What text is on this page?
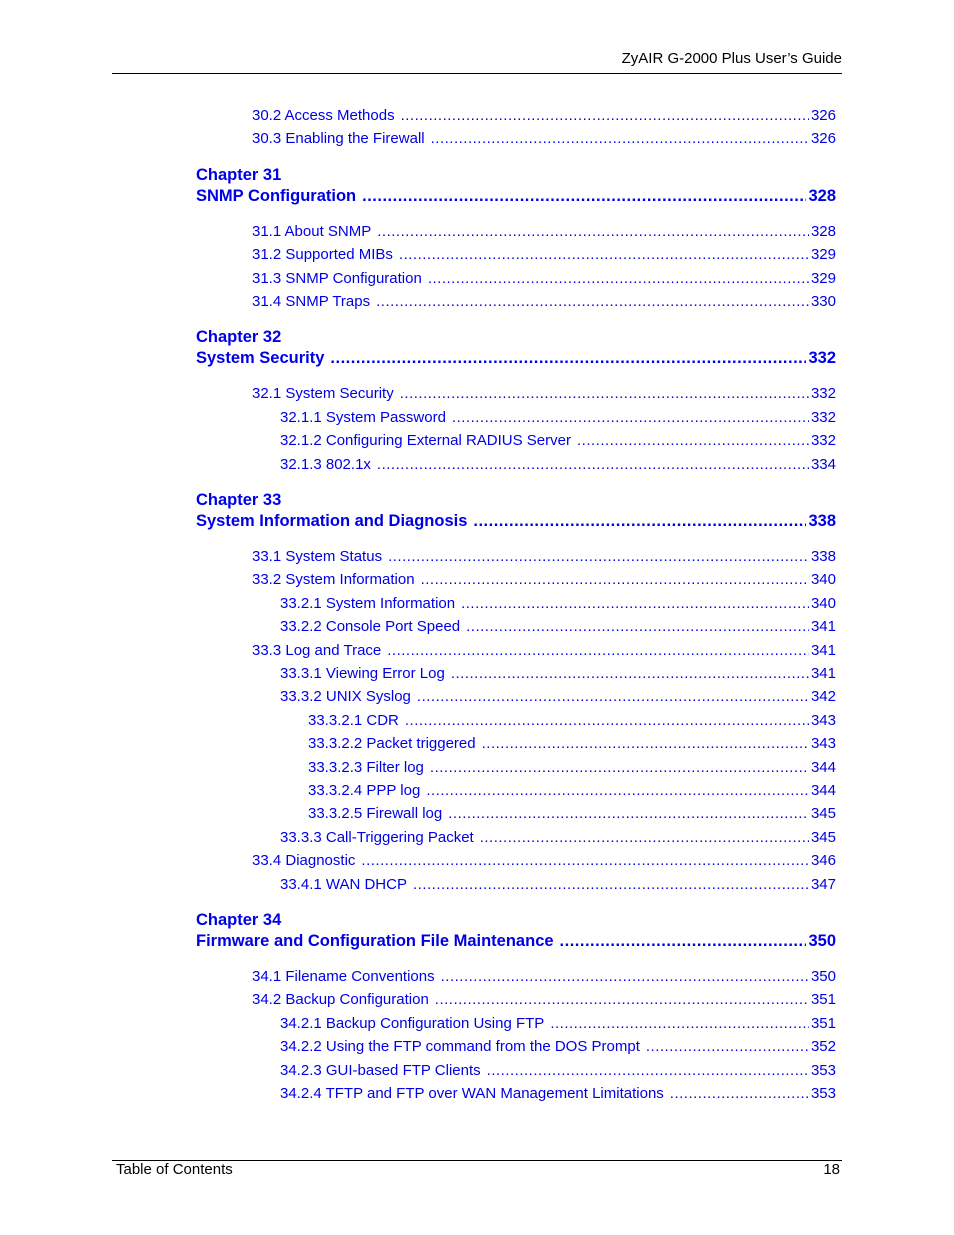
ZyAIR G-2000 Plus User’s Guide
30.2 Access Methods .....	326
30.3 Enabling the Firewall .....	326
Chapter 31
SNMP Configuration .....	328
31.1 About SNMP .....	328
31.2 Supported MIBs .....	329
31.3 SNMP Configuration .....	329
31.4 SNMP Traps .....	330
Chapter 32
System Security .....	332
32.1 System Security .....	332
32.1.1 System Password .....	332
32.1.2 Configuring External RADIUS Server .....	332
32.1.3 802.1x .....	334
Chapter 33
System Information and Diagnosis .....	338
33.1 System Status .....	338
33.2 System Information .....	340
33.2.1 System Information .....	340
33.2.2 Console Port Speed .....	341
33.3 Log and Trace .....	341
33.3.1 Viewing Error Log .....	341
33.3.2 UNIX Syslog .....	342
33.3.2.1 CDR .....	343
33.3.2.2 Packet triggered .....	343
33.3.2.3 Filter log .....	344
33.3.2.4 PPP log .....	344
33.3.2.5 Firewall log .....	345
33.3.3 Call-Triggering Packet .....	345
33.4 Diagnostic .....	346
33.4.1 WAN DHCP .....	347
Chapter 34
Firmware and Configuration File Maintenance .....	350
34.1 Filename Conventions .....	350
34.2 Backup Configuration .....	351
34.2.1 Backup Configuration Using FTP .....	351
34.2.2 Using the FTP command from the DOS Prompt .....	352
34.2.3 GUI-based FTP Clients .....	353
34.2.4 TFTP and FTP over WAN Management Limitations .....	353
Table of Contents	18
